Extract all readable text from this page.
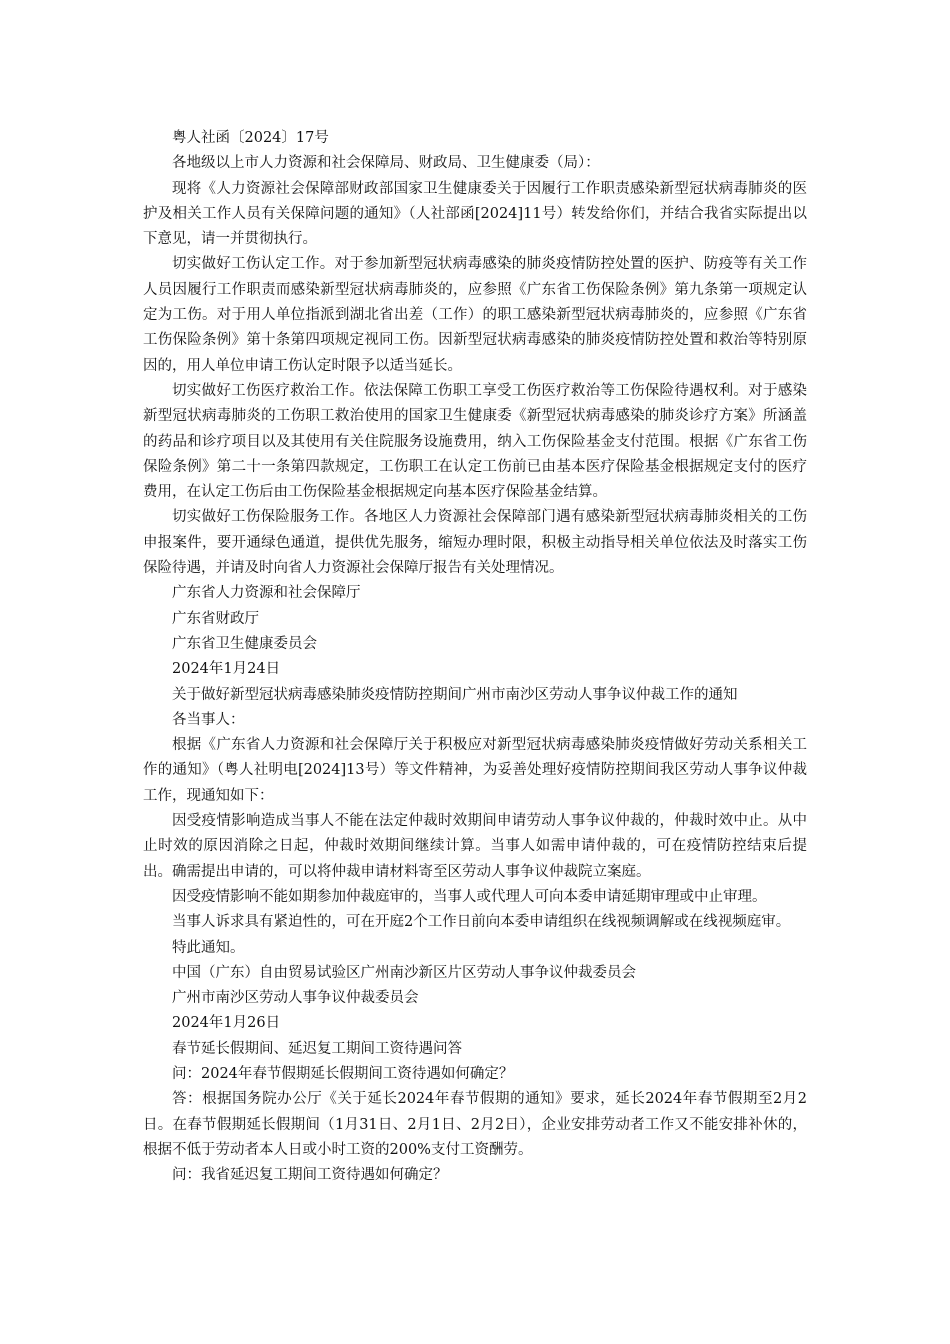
粤人社函〔2024〕17号

各地级以上市人力资源和社会保障局、财政局、卫生健康委（局）：

现将《人力资源社会保障部财政部国家卫生健康委关于因履行工作职责感染新型冠状病毒肺炎的医护及相关工作人员有关保障问题的通知》（人社部函[2024]11号）转发给你们，并结合我省实际提出以下意见，请一并贯彻执行。

切实做好工伤认定工作。对于参加新型冠状病毒感染的肺炎疫情防控处置的医护、防疫等有关工作人员因履行工作职责而感染新型冠状病毒肺炎的，应参照《广东省工伤保险条例》第九条第一项规定认定为工伤。对于用人单位指派到湖北省出差（工作）的职工感染新型冠状病毒肺炎的，应参照《广东省工伤保险条例》第十条第四项规定视同工伤。因新型冠状病毒感染的肺炎疫情防控处置和救治等特别原因的，用人单位申请工伤认定时限予以适当延长。

切实做好工伤医疗救治工作。依法保障工伤职工享受工伤医疗救治等工伤保险待遇权利。对于感染新型冠状病毒肺炎的工伤职工救治使用的国家卫生健康委《新型冠状病毒感染的肺炎诊疗方案》所涵盖的药品和诊疗项目以及其使用有关住院服务设施费用，纳入工伤保险基金支付范围。根据《广东省工伤保险条例》第二十一条第四款规定，工伤职工在认定工伤前已由基本医疗保险基金根据规定支付的医疗费用，在认定工伤后由工伤保险基金根据规定向基本医疗保险基金结算。

切实做好工伤保险服务工作。各地区人力资源社会保障部门遇有感染新型冠状病毒肺炎相关的工伤申报案件，要开通绿色通道，提供优先服务，缩短办理时限，积极主动指导相关单位依法及时落实工伤保险待遇，并请及时向省人力资源社会保障厅报告有关处理情况。

广东省人力资源和社会保障厅

广东省财政厅

广东省卫生健康委员会

2024年1月24日

关于做好新型冠状病毒感染肺炎疫情防控期间广州市南沙区劳动人事争议仲裁工作的通知

各当事人：

根据《广东省人力资源和社会保障厅关于积极应对新型冠状病毒感染肺炎疫情做好劳动关系相关工作的通知》（粤人社明电[2024]13号）等文件精神，为妥善处理好疫情防控期间我区劳动人事争议仲裁工作，现通知如下：

因受疫情影响造成当事人不能在法定仲裁时效期间申请劳动人事争议仲裁的，仲裁时效中止。从中止时效的原因消除之日起，仲裁时效期间继续计算。当事人如需申请仲裁的，可在疫情防控结束后提出。确需提出申请的，可以将仲裁申请材料寄至区劳动人事争议仲裁院立案庭。

因受疫情影响不能如期参加仲裁庭审的，当事人或代理人可向本委申请延期审理或中止审理。

当事人诉求具有紧迫性的，可在开庭2个工作日前向本委申请组织在线视频调解或在线视频庭审。

特此通知。

中国（广东）自由贸易试验区广州南沙新区片区劳动人事争议仲裁委员会

广州市南沙区劳动人事争议仲裁委员会

2024年1月26日

春节延长假期间、延迟复工期间工资待遇问答

问：2024年春节假期延长假期间工资待遇如何确定？

答：根据国务院办公厅《关于延长2024年春节假期的通知》要求，延长2024年春节假期至2月2日。在春节假期延长假期间（1月31日、2月1日、2月2日），企业安排劳动者工作又不能安排补休的，根据不低于劳动者本人日或小时工资的200%支付工资酬劳。

问：我省延迟复工期间工资待遇如何确定？
